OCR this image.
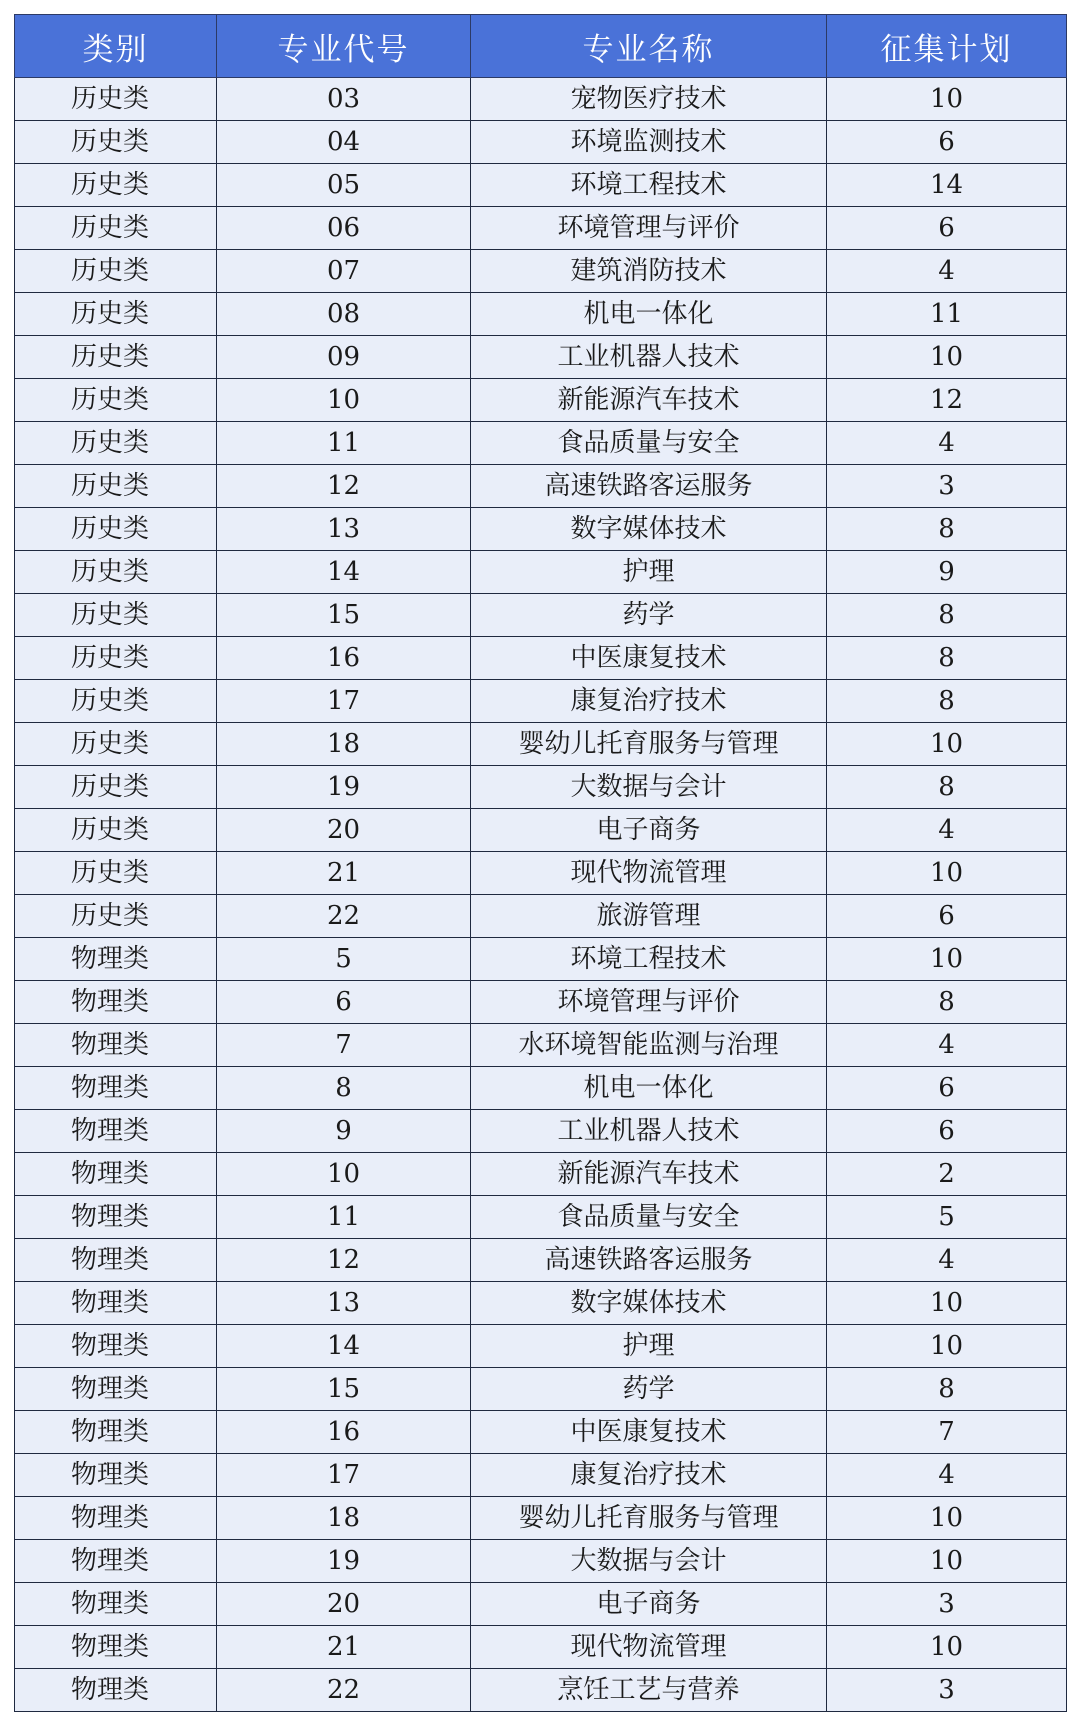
类别	专业代号	专业名称	征集计划
历史类	03	宠物医疗技术	10
历史类	04	环境监测技术	6
历史类	05	环境工程技术	14
历史类	06	环境管理与评价	6
历史类	07	建筑消防技术	4
历史类	08	机电一体化	11
历史类	09	工业机器人技术	10
历史类	10	新能源汽车技术	12
历史类	11	食品质量与安全	4
历史类	12	高速铁路客运服务	3
历史类	13	数字媒体技术	8
历史类	14	护理	9
历史类	15	药学	8
历史类	16	中医康复技术	8
历史类	17	康复治疗技术	8
历史类	18	婴幼儿托育服务与管理	10
历史类	19	大数据与会计	8
历史类	20	电子商务	4
历史类	21	现代物流管理	10
历史类	22	旅游管理	6
物理类	5	环境工程技术	10
物理类	6	环境管理与评价	8
物理类	7	水环境智能监测与治理	4
物理类	8	机电一体化	6
物理类	9	工业机器人技术	6
物理类	10	新能源汽车技术	2
物理类	11	食品质量与安全	5
物理类	12	高速铁路客运服务	4
物理类	13	数字媒体技术	10
物理类	14	护理	10
物理类	15	药学	8
物理类	16	中医康复技术	7
物理类	17	康复治疗技术	4
物理类	18	婴幼儿托育服务与管理	10
物理类	19	大数据与会计	10
物理类	20	电子商务	3
物理类	21	现代物流管理	10
物理类	22	烹饪工艺与营养	3
